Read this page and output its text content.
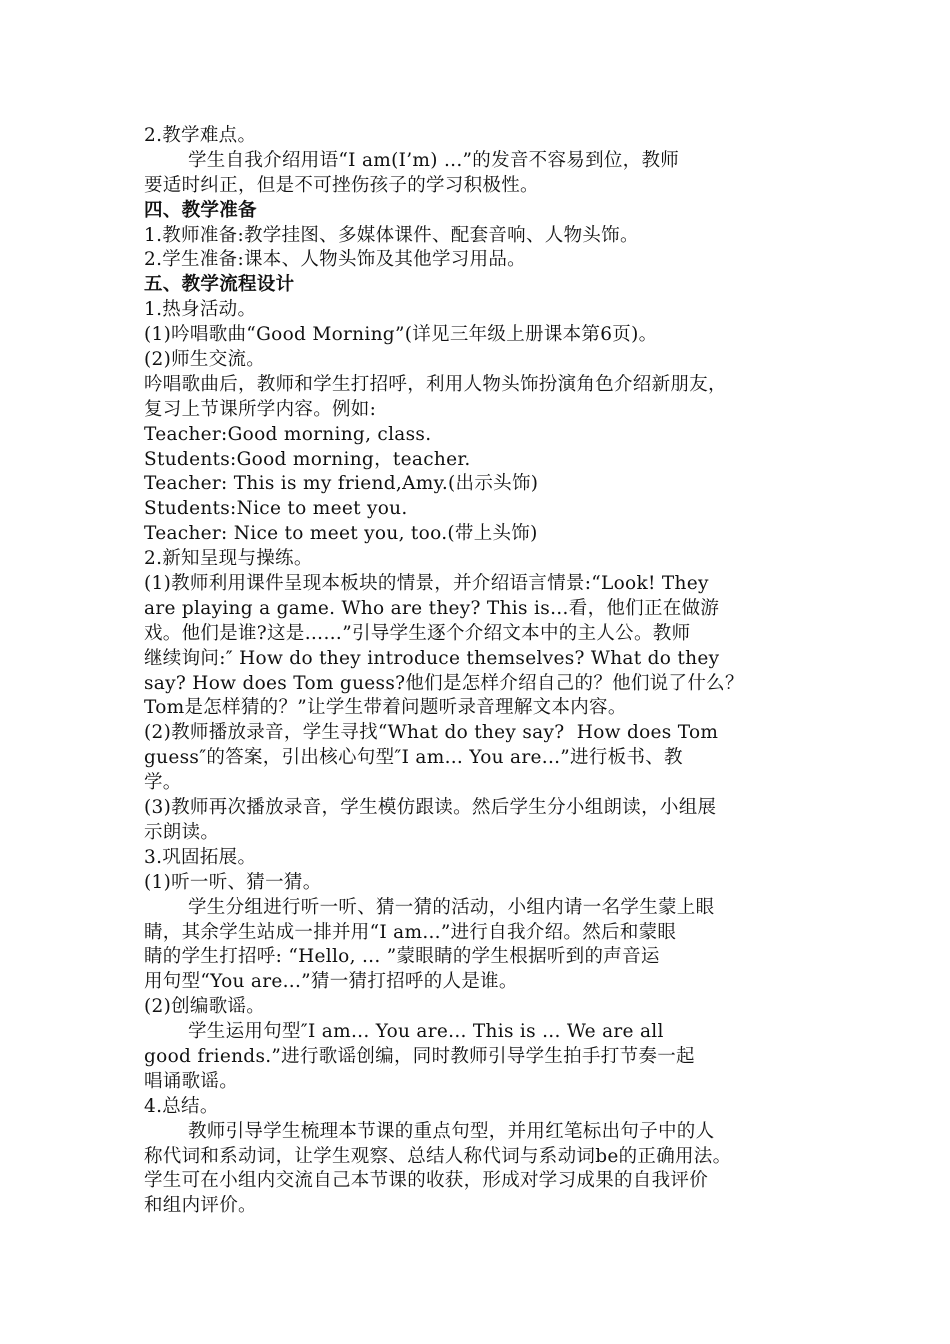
2.教学难点。
学生自我介绍用语“I am(I’m) ...”的发音不容易到位，教师
要适时纠正，但是不可挫伤孩子的学习积极性。
四、教学准备
1.教师准备:教学挂图、多媒体课件、配套音响、人物头饰。
2.学生准备:课本、人物头饰及其他学习用品。
五、教学流程设计
1.热身活动。
(1)吟唱歌曲“Good Morning”(详见三年级上册课本第6页)。
(2)师生交流。
吟唱歌曲后，教师和学生打招呼，利用人物头饰扮演角色介绍新朋友，
复习上节课所学内容。例如:
Teacher:Good morning, class.
Students:Good morning，teacher.
Teacher: This is my friend,Amy.(出示头饰)
Students:Nice to meet you.
Teacher: Nice to meet you, too.(带上头饰)
2.新知呈现与操练。
(1)教师利用课件呈现本板块的情景，并介绍语言情景:“Look! They
are playing a game. Who are they? This is…看，他们正在做游
戏。他们是谁?这是……”引导学生逐个介绍文本中的主人公。教师
继续询问:″ How do they introduce themselves? What do they
say? How does Tom guess?他们是怎样介绍自己的？他们说了什么？
Tom是怎样猜的？”让学生带着问题听录音理解文本内容。
(2)教师播放录音，学生寻找“What do they say?  How does Tom
guess″的答案，引出核心句型″I am... You are...”进行板书、教
学。
(3)教师再次播放录音，学生模仿跟读。然后学生分小组朗读，小组展
示朗读。
3.巩固拓展。
(1)听一听、猜一猜。
学生分组进行听一听、猜一猜的活动，小组内请一名学生蒙上眼
睛，其余学生站成一排并用“I am...”进行自我介绍。然后和蒙眼
睛的学生打招呼: “Hello, ... ”蒙眼睛的学生根据听到的声音运
用句型“You are...”猜一猜打招呼的人是谁。
(2)创编歌谣。
学生运用句型″I am... You are... This is ... We are all
good friends.”进行歌谣创编，同时教师引导学生拍手打节奏一起
唱诵歌谣。
4.总结。
教师引导学生梳理本节课的重点句型，并用红笔标出句子中的人
称代词和系动词，让学生观察、总结人称代词与系动词be的正确用法。
学生可在小组内交流自己本节课的收获，形成对学习成果的自我评价
和组内评价。
